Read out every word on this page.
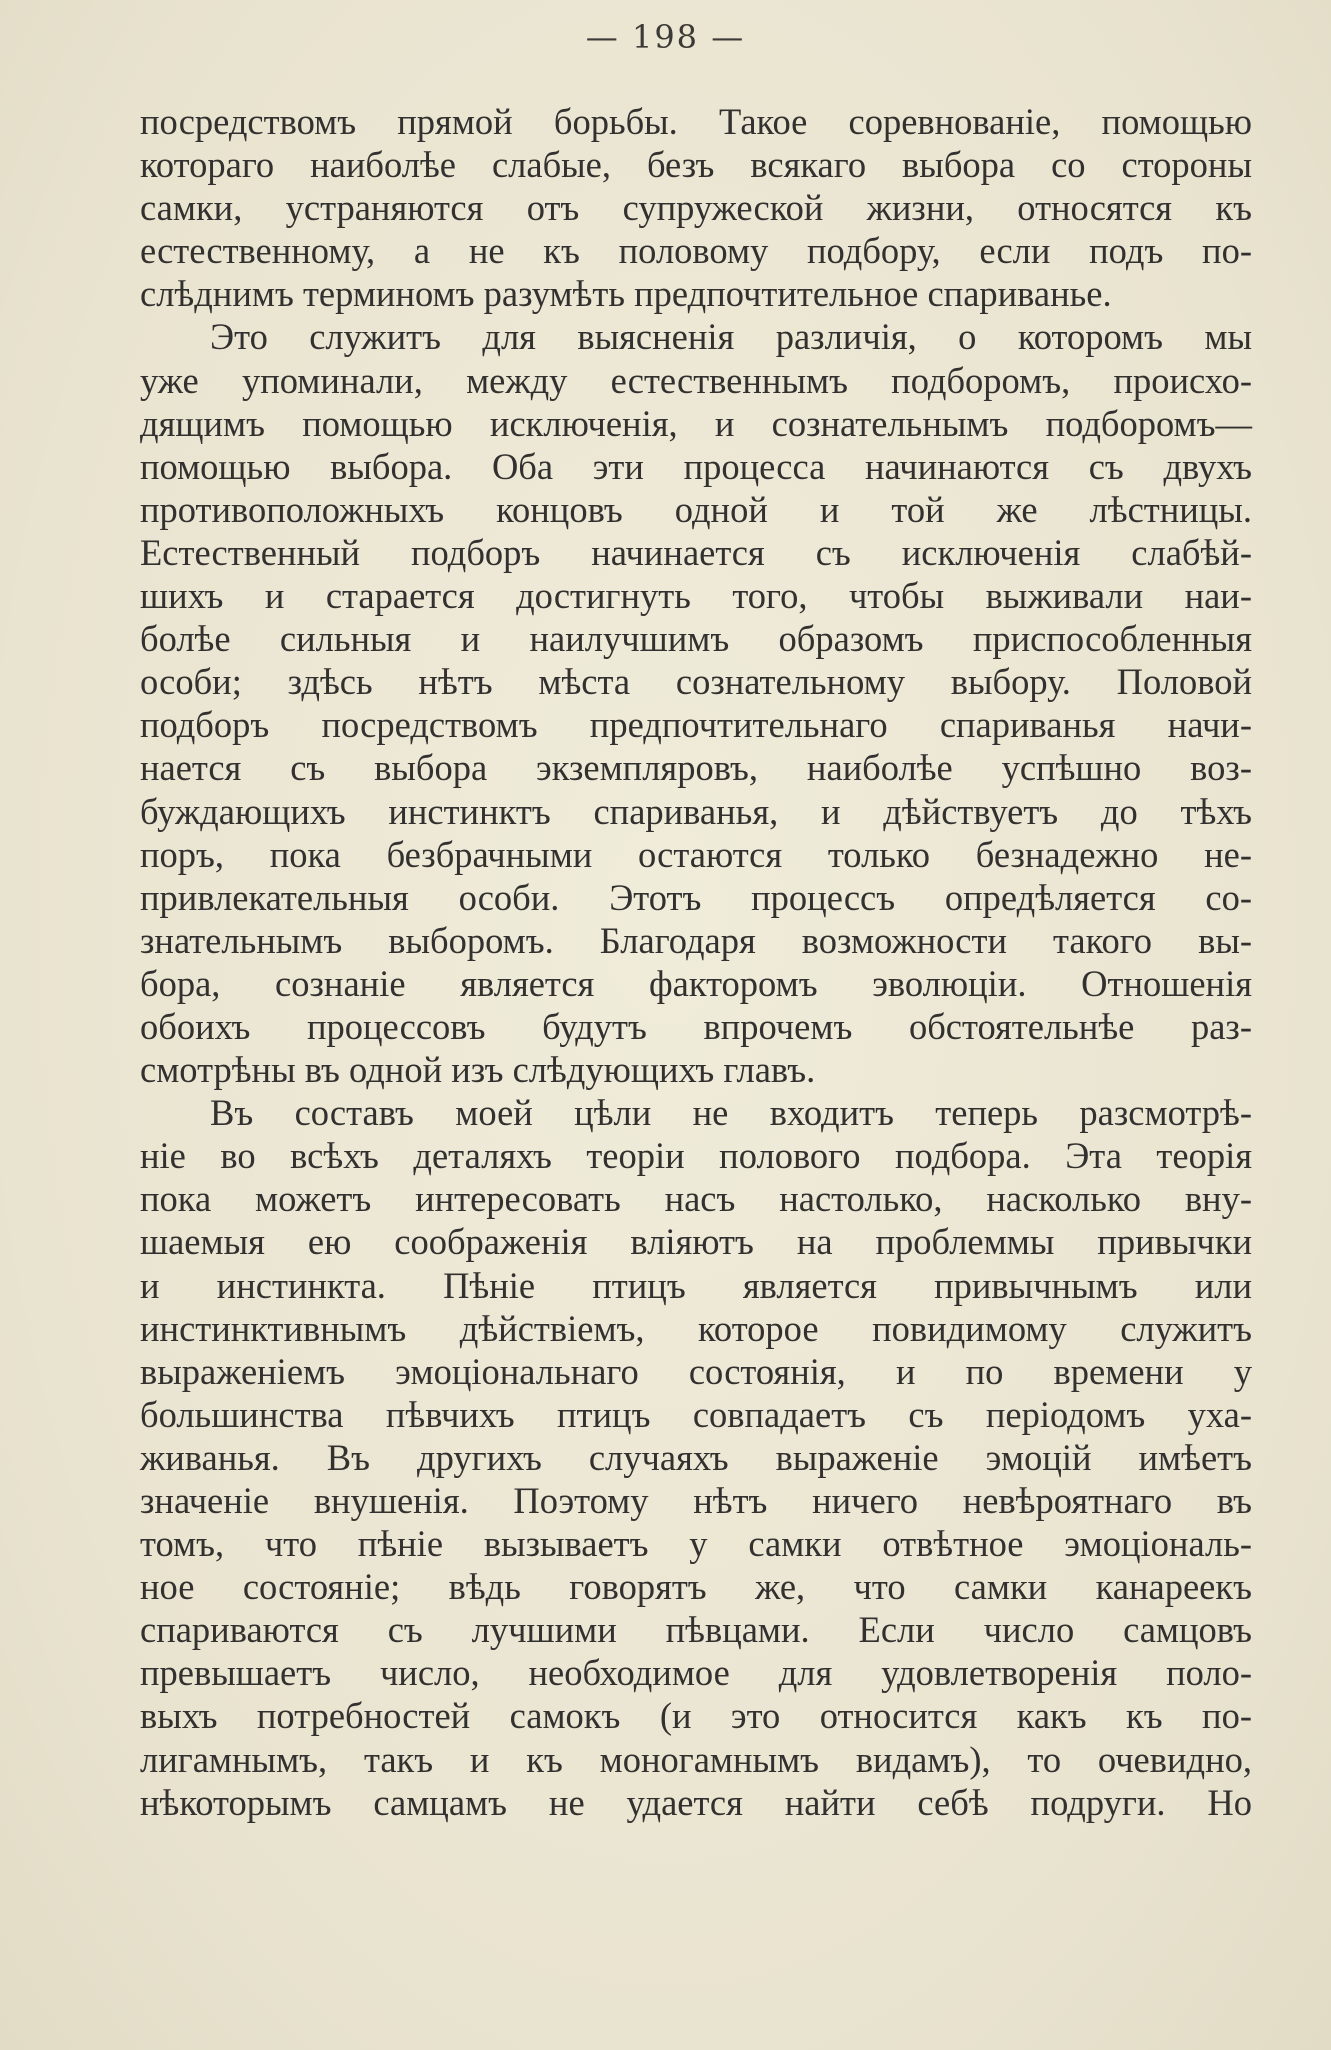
— 198 —
посредствомъ прямой борьбы. Такое соревнованіе, помощью
котораго наиболѣе слабые, безъ всякаго выбора со стороны
самки, устраняются отъ супружеской жизни, относятся къ
естественному, а не къ половому подбору, если подъ по-
слѣднимъ терминомъ разумѣть предпочтительное спариванье.
Это служитъ для выясненія различія, о которомъ мы
уже упоминали, между естественнымъ подборомъ, происхо-
дящимъ помощью исключенія, и сознательнымъ подборомъ—
помощью выбора. Оба эти процесса начинаются съ двухъ
противоположныхъ концовъ одной и той же лѣстницы.
Естественный подборъ начинается съ исключенія слабѣй-
шихъ и старается достигнуть того, чтобы выживали наи-
болѣе сильныя и наилучшимъ образомъ приспособленныя
особи; здѣсь нѣтъ мѣста сознательному выбору. Половой
подборъ посредствомъ предпочтительнаго спариванья начи-
нается съ выбора экземпляровъ, наиболѣе успѣшно воз-
буждающихъ инстинктъ спариванья, и дѣйствуетъ до тѣхъ
поръ, пока безбрачными остаются только безнадежно не-
привлекательныя особи. Этотъ процессъ опредѣляется со-
знательнымъ выборомъ. Благодаря возможности такого вы-
бора, сознаніе является факторомъ эволюціи. Отношенія
обоихъ процессовъ будутъ впрочемъ обстоятельнѣе раз-
смотрѣны въ одной изъ слѣдующихъ главъ.
Въ составъ моей цѣли не входитъ теперь разсмотрѣ-
ніе во всѣхъ деталяхъ теоріи полового подбора. Эта теорія
пока можетъ интересовать насъ настолько, насколько вну-
шаемыя ею соображенія вліяютъ на проблеммы привычки
и инстинкта. Пѣніе птицъ является привычнымъ или
инстинктивнымъ дѣйствіемъ, которое повидимому служитъ
выраженіемъ эмоціональнаго состоянія, и по времени у
большинства пѣвчихъ птицъ совпадаетъ съ періодомъ уха-
живанья. Въ другихъ случаяхъ выраженіе эмоцій имѣетъ
значеніе внушенія. Поэтому нѣтъ ничего невѣроятнаго въ
томъ, что пѣніе вызываетъ у самки отвѣтное эмоціональ-
ное состояніе; вѣдь говорятъ же, что самки канареекъ
спариваются съ лучшими пѣвцами. Если число самцовъ
превышаетъ число, необходимое для удовлетворенія поло-
выхъ потребностей самокъ (и это относится какъ къ по-
лигамнымъ, такъ и къ моногамнымъ видамъ), то очевидно,
нѣкоторымъ самцамъ не удается найти себѣ подруги. Но
